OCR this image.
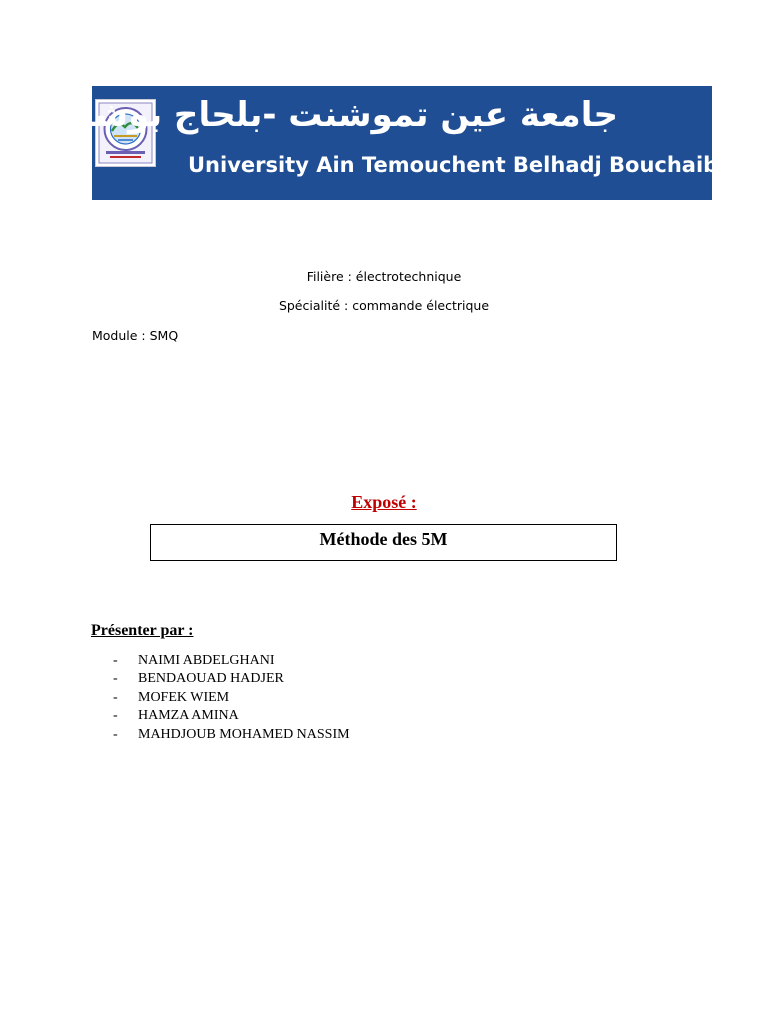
جامعة عين تموشنت -بلحاج بوشعيب
University Ain Temouchent Belhadj Bouchaib
Filière : électrotechnique
Spécialité : commande électrique
Module : SMQ
Exposé :
Méthode des 5M
Présenter par :
- NAIMI ABDELGHANI
- BENDAOUAD HADJER
- MOFEK WIEM
- HAMZA AMINA
- MAHDJOUB MOHAMED NASSIM
